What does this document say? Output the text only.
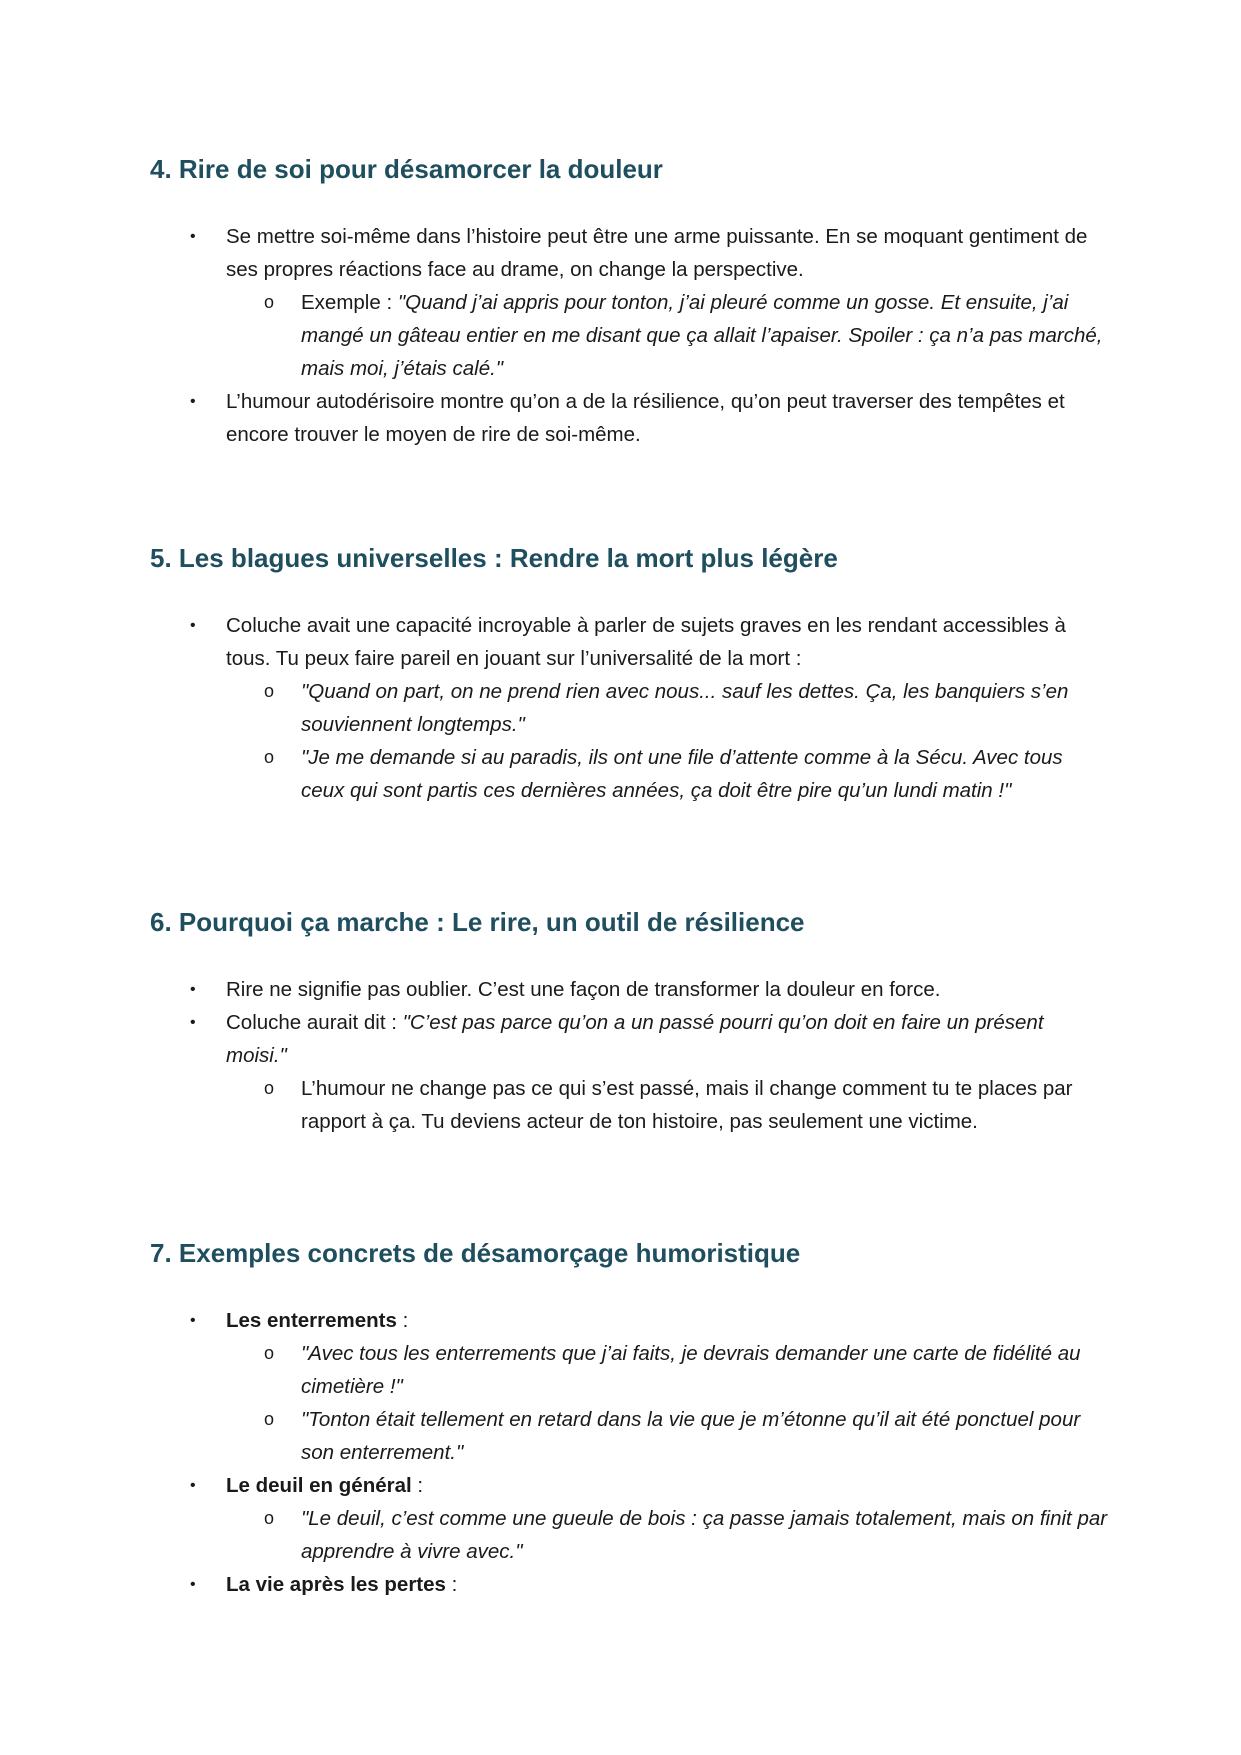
4. Rire de soi pour désamorcer la douleur
• Se mettre soi-même dans l’histoire peut être une arme puissante. En se moquant gentiment de ses propres réactions face au drame, on change la perspective.
o Exemple : "Quand j’ai appris pour tonton, j’ai pleuré comme un gosse. Et ensuite, j’ai mangé un gâteau entier en me disant que ça allait l’apaiser. Spoiler : ça n’a pas marché, mais moi, j’étais calé."
• L’humour autodérisoire montre qu’on a de la résilience, qu’on peut traverser des tempêtes et encore trouver le moyen de rire de soi-même.
5. Les blagues universelles : Rendre la mort plus légère
• Coluche avait une capacité incroyable à parler de sujets graves en les rendant accessibles à tous. Tu peux faire pareil en jouant sur l’universalité de la mort :
o "Quand on part, on ne prend rien avec nous... sauf les dettes. Ça, les banquiers s’en souviennent longtemps."
o "Je me demande si au paradis, ils ont une file d’attente comme à la Sécu. Avec tous ceux qui sont partis ces dernières années, ça doit être pire qu’un lundi matin !"
6. Pourquoi ça marche : Le rire, un outil de résilience
• Rire ne signifie pas oublier. C’est une façon de transformer la douleur en force.
• Coluche aurait dit : "C’est pas parce qu’on a un passé pourri qu’on doit en faire un présent moisi."
o L’humour ne change pas ce qui s’est passé, mais il change comment tu te places par rapport à ça. Tu deviens acteur de ton histoire, pas seulement une victime.
7. Exemples concrets de désamorçage humoristique
• Les enterrements :
o "Avec tous les enterrements que j’ai faits, je devrais demander une carte de fidélité au cimetière !"
o "Tonton était tellement en retard dans la vie que je m’étonne qu’il ait été ponctuel pour son enterrement."
• Le deuil en général :
o "Le deuil, c’est comme une gueule de bois : ça passe jamais totalement, mais on finit par apprendre à vivre avec."
• La vie après les pertes :
